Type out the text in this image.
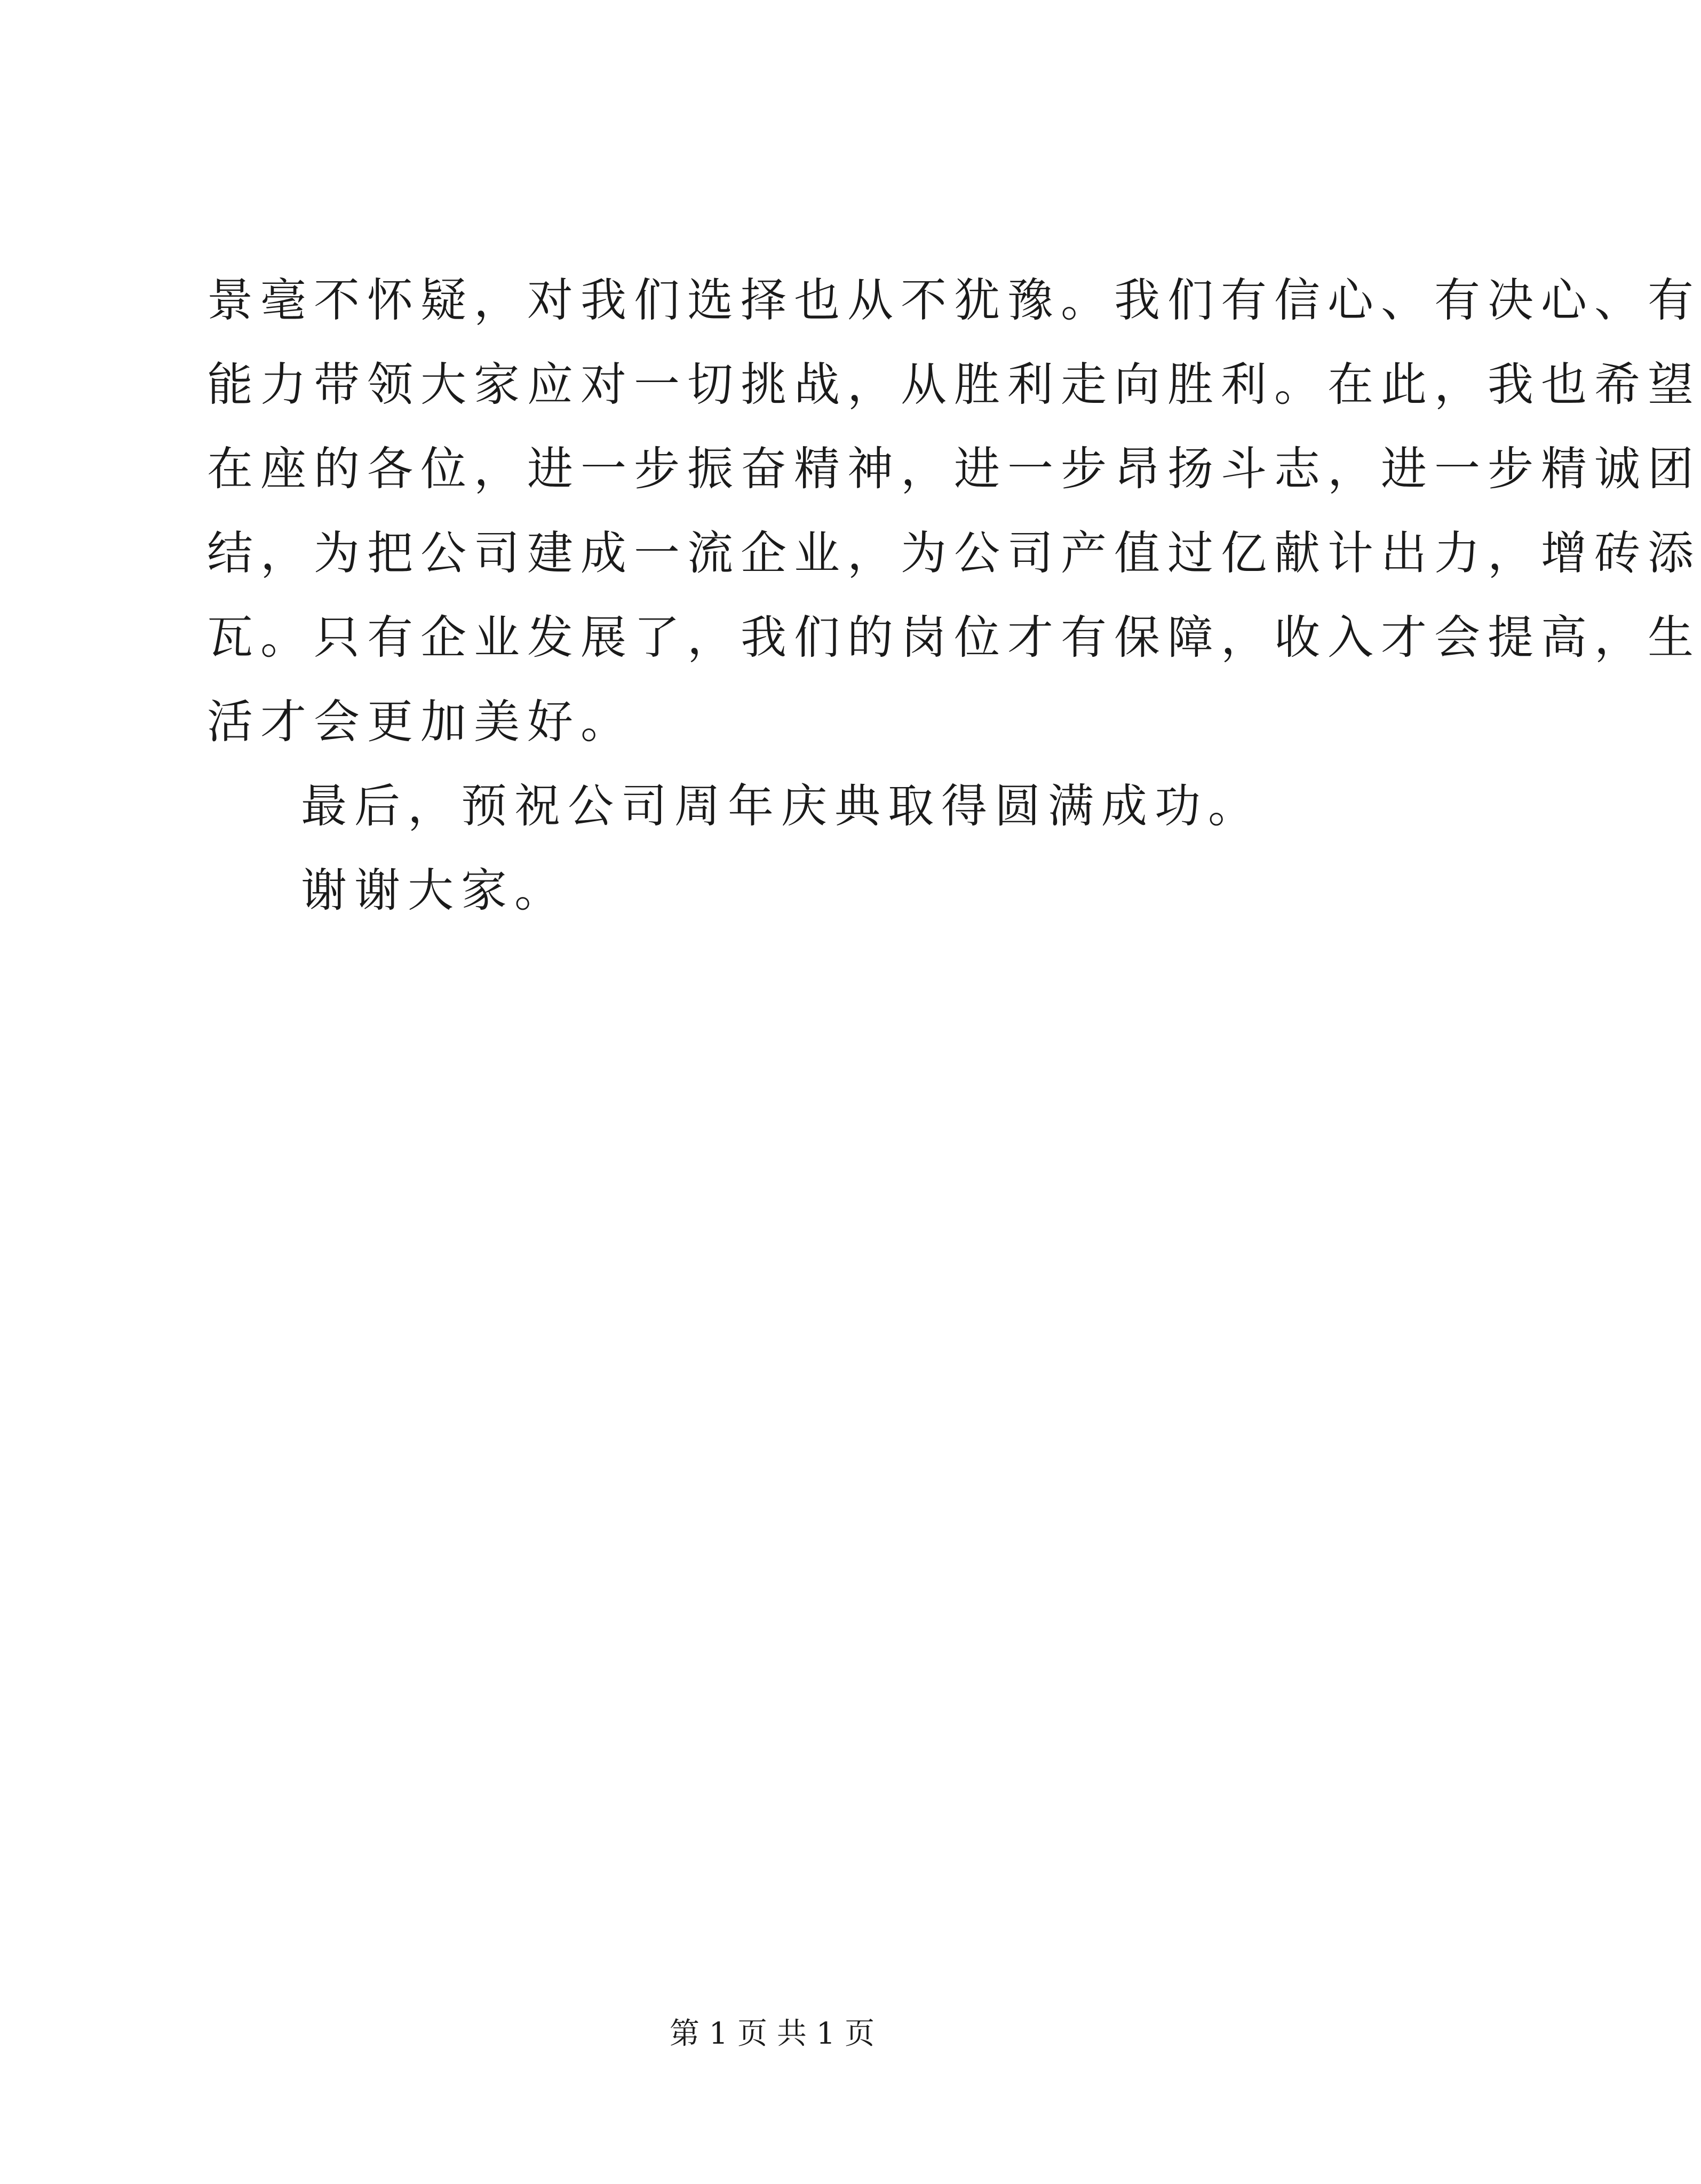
景毫不怀疑，对我们选择也从不犹豫。我们有信心、有决心、有

能力带领大家应对一切挑战，从胜利走向胜利。在此，我也希望

在座的各位，进一步振奋精神，进一步昂扬斗志，进一步精诚团

结，为把公司建成一流企业，为公司产值过亿献计出力，增砖添

瓦。只有企业发展了，我们的岗位才有保障，收入才会提高，生

活才会更加美好。

最后，预祝公司周年庆典取得圆满成功。

谢谢大家。

第 1 页 共 1 页
